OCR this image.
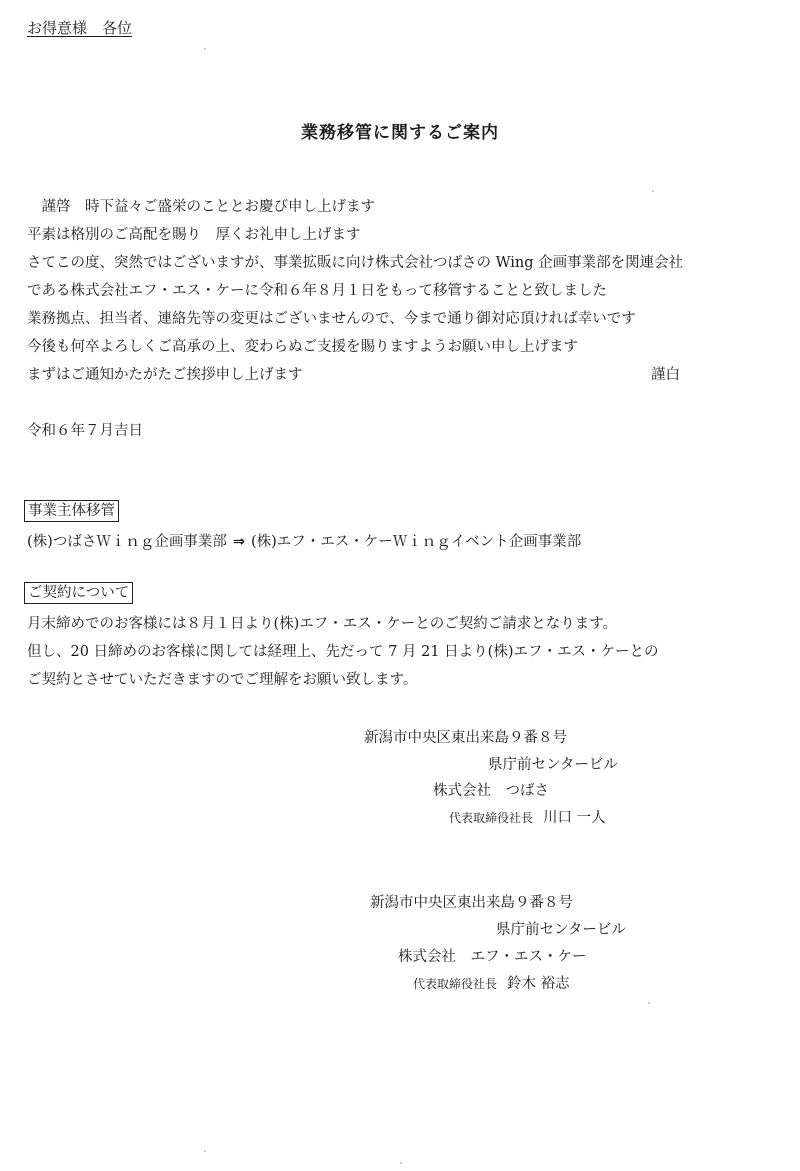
お得意様　各位
業務移管に関するご案内
　謹啓　時下益々ご盛栄のこととお慶び申し上げます
平素は格別のご高配を賜り　厚くお礼申し上げます
さてこの度、突然ではございますが、事業拡販に向け株式会社つばさの Wing 企画事業部を関連会社
である株式会社エフ・エス・ケーに令和６年８月１日をもって移管することと致しました
業務拠点、担当者、連絡先等の変更はございませんので、今まで通り御対応頂ければ幸いです
今後も何卒よろしくご高承の上、変わらぬご支援を賜りますようお願い申し上げます
まずはご通知かたがたご挨拶申し上げます	謹白
令和６年７月吉日
事業主体移管
(株)つばさＷｉｎｇ企画事業部 ⇒ (株)エフ・エス・ケーＷｉｎｇイベント企画事業部
ご契約について
月末締めでのお客様には８月１日より(株)エフ・エス・ケーとのご契約ご請求となります。
但し、20 日締めのお客様に関しては経理上、先だって 7 月 21 日より(株)エフ・エス・ケーとの
ご契約とさせていただきますのでご理解をお願い致します。
新潟市中央区東出来島９番８号
県庁前センタービル
株式会社　つばさ
代表取締役社長 川口 一人
新潟市中央区東出来島９番８号
県庁前センタービル
株式会社　エフ・エス・ケー
代表取締役社長 鈴木 裕志
